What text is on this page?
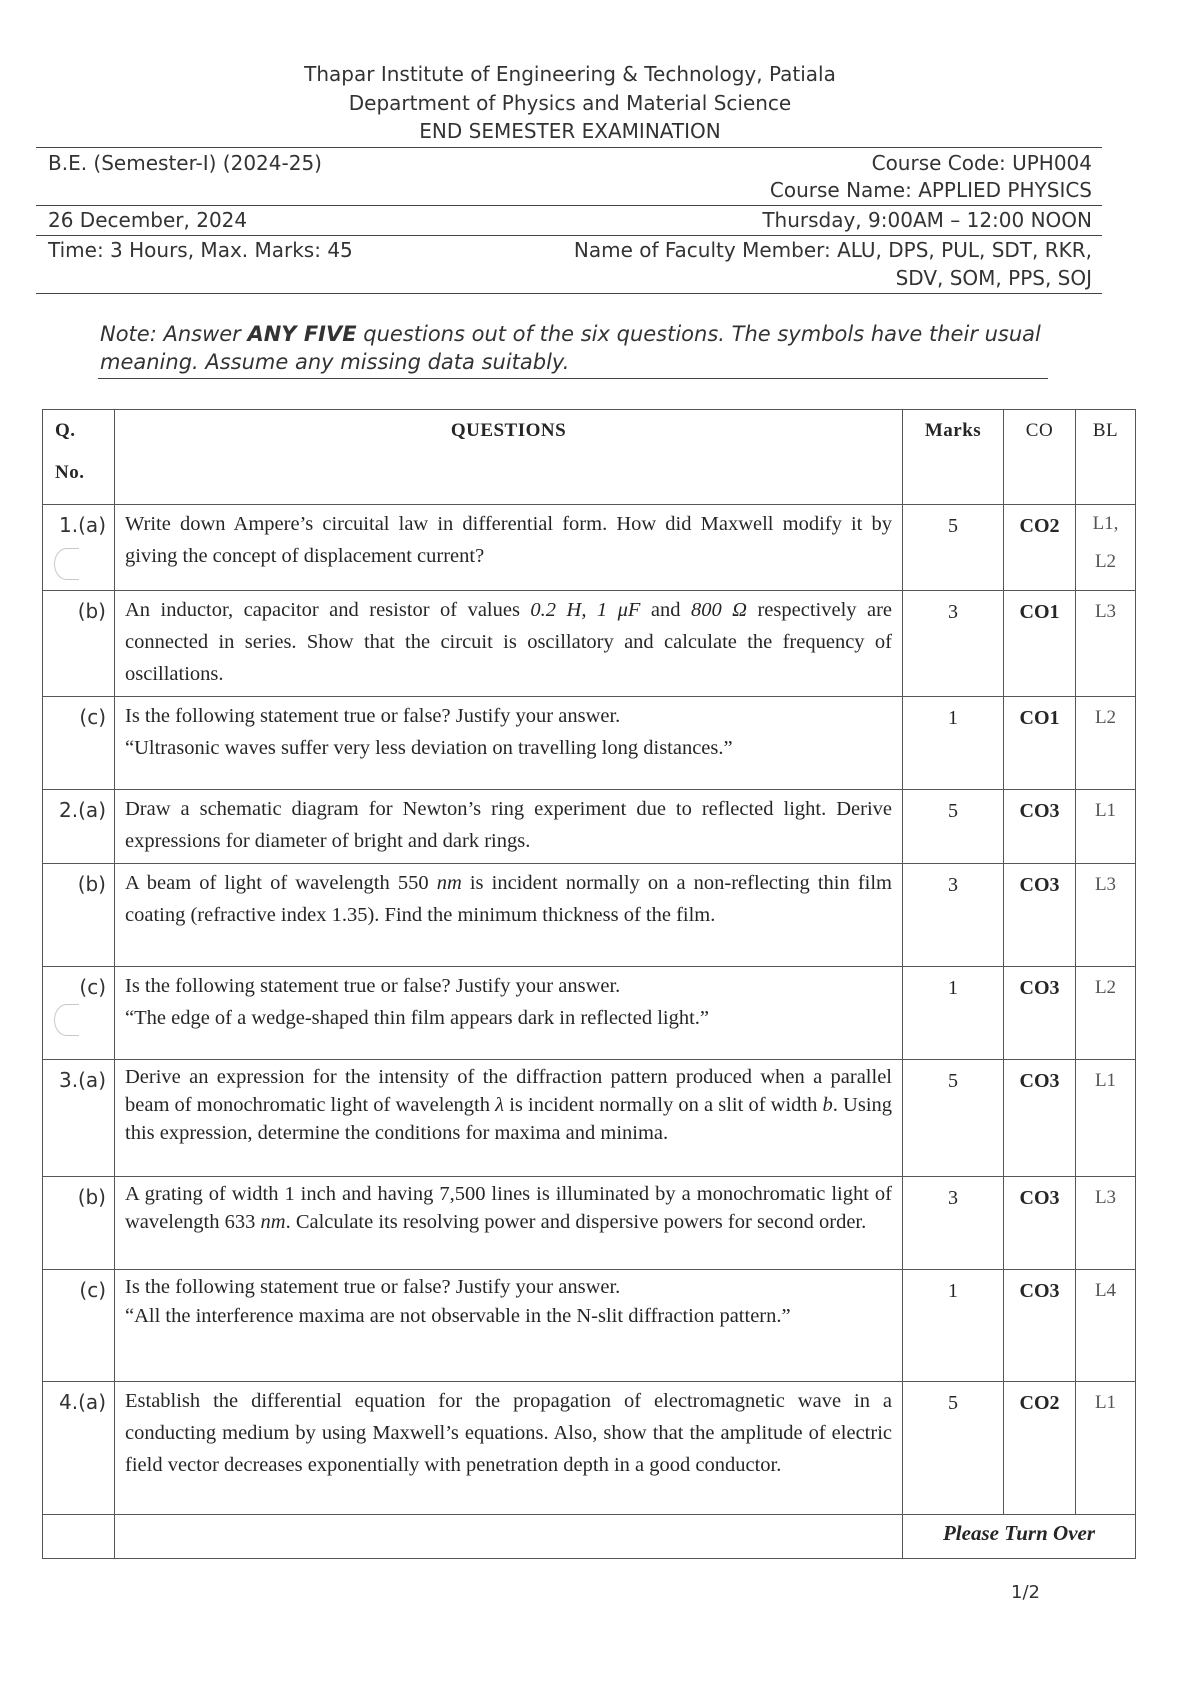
Thapar Institute of Engineering & Technology, Patiala
Department of Physics and Material Science
END SEMESTER EXAMINATION
B.E. (Semester-I) (2024-25)	Course Code: UPH004
Course Name: APPLIED PHYSICS
26 December, 2024	Thursday, 9:00AM – 12:00 NOON
Time: 3 Hours, Max. Marks: 45	Name of Faculty Member: ALU, DPS, PUL, SDT, RKR,
SDV, SOM, PPS, SOJ
Note: Answer ANY FIVE questions out of the six questions. The symbols have their usual meaning. Assume any missing data suitably.
Q.
No.	QUESTIONS	Marks	CO	BL
1.(a)	Write down Ampere’s circuital law in differential form. How did Maxwell modify it by giving the concept of displacement current?	5	CO2	L1,
L2
(b)	An inductor, capacitor and resistor of values 0.2 H, 1 μF and 800 Ω respectively are connected in series. Show that the circuit is oscillatory and calculate the frequency of oscillations.	3	CO1	L3
(c)	Is the following statement true or false? Justify your answer.
“Ultrasonic waves suffer very less deviation on travelling long distances.”	1	CO1	L2
2.(a)	Draw a schematic diagram for Newton’s ring experiment due to reflected light. Derive expressions for diameter of bright and dark rings.	5	CO3	L1
(b)	A beam of light of wavelength 550 nm is incident normally on a non-reflecting thin film coating (refractive index 1.35). Find the minimum thickness of the film.	3	CO3	L3
(c)	Is the following statement true or false? Justify your answer.
“The edge of a wedge-shaped thin film appears dark in reflected light.”	1	CO3	L2
3.(a)	Derive an expression for the intensity of the diffraction pattern produced when a parallel beam of monochromatic light of wavelength λ is incident normally on a slit of width b. Using this expression, determine the conditions for maxima and minima.	5	CO3	L1
(b)	A grating of width 1 inch and having 7,500 lines is illuminated by a monochromatic light of wavelength 633 nm. Calculate its resolving power and dispersive powers for second order.	3	CO3	L3
(c)	Is the following statement true or false? Justify your answer.
“All the interference maxima are not observable in the N-slit diffraction pattern.”	1	CO3	L4
4.(a)	Establish the differential equation for the propagation of electromagnetic wave in a conducting medium by using Maxwell’s equations. Also, show that the amplitude of electric field vector decreases exponentially with penetration depth in a good conductor.	5	CO2	L1
		Please Turn Over		
1/2
